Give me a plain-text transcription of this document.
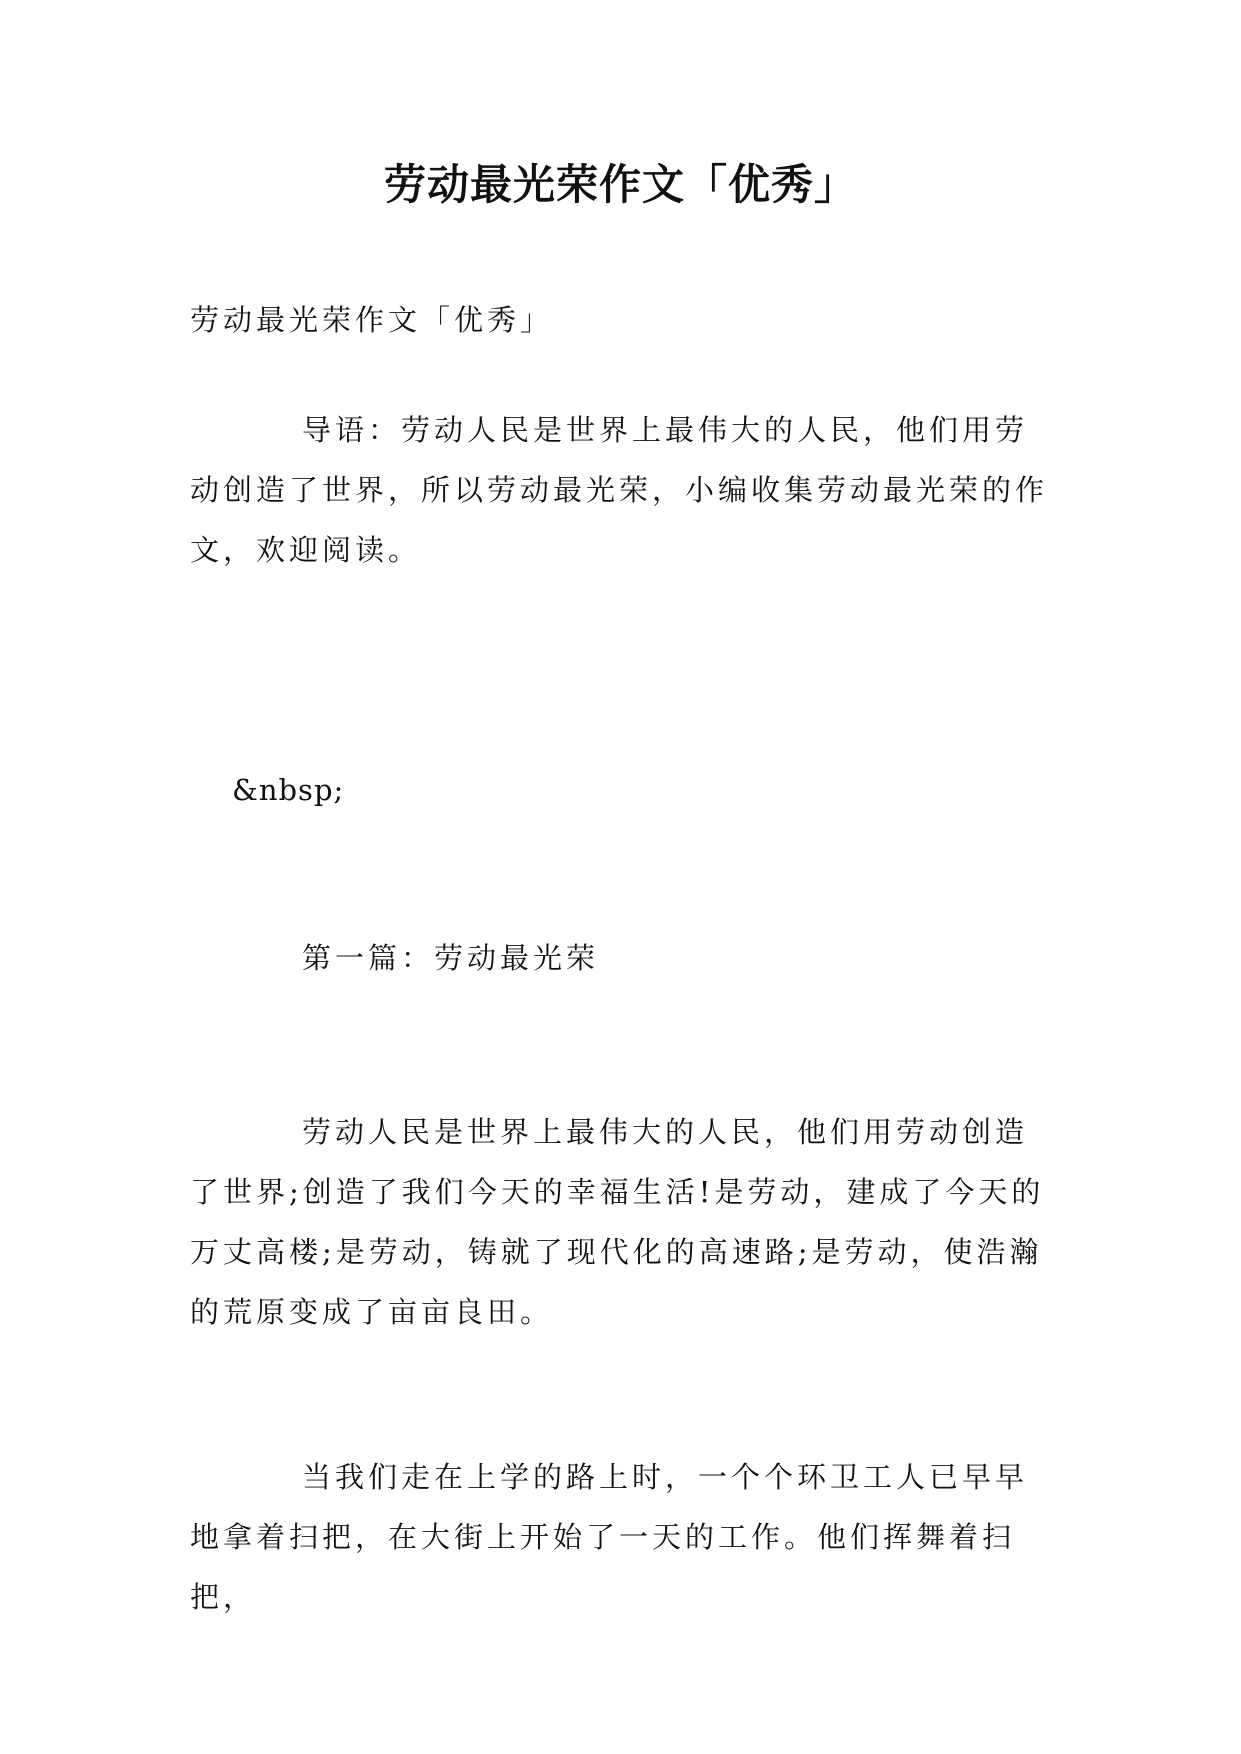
劳动最光荣作文「优秀」

劳动最光荣作文「优秀」

导语：劳动人民是世界上最伟大的人民，他们用劳动创造了世界，所以劳动最光荣，小编收集劳动最光荣的作文，欢迎阅读。

&nbsp;

第一篇：劳动最光荣

劳动人民是世界上最伟大的人民，他们用劳动创造了世界;创造了我们今天的幸福生活!是劳动，建成了今天的万丈高楼;是劳动，铸就了现代化的高速路;是劳动，使浩瀚的荒原变成了亩亩良田。

当我们走在上学的路上时，一个个环卫工人已早早地拿着扫把，在大街上开始了一天的工作。他们挥舞着扫把，
